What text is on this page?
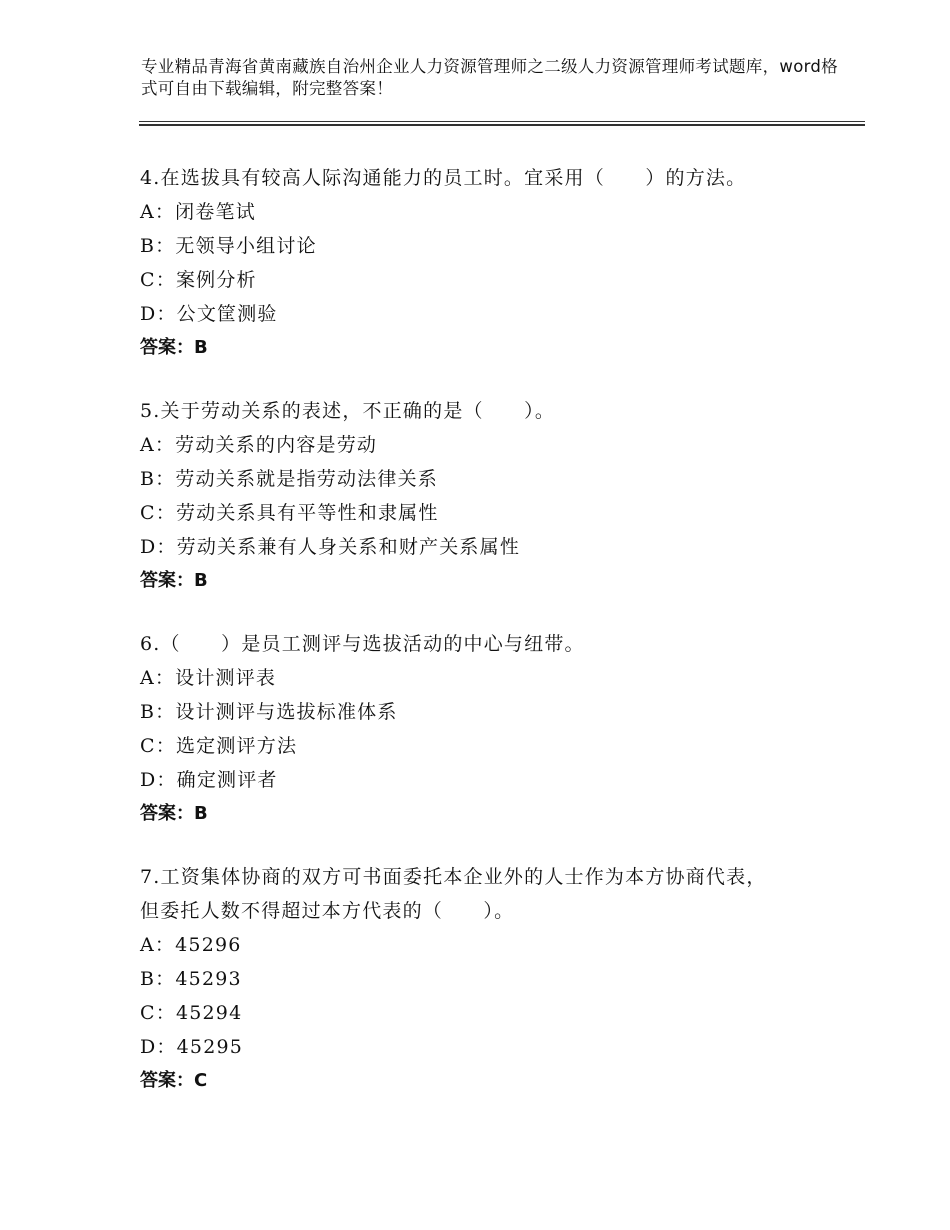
专业精品青海省黄南藏族自治州企业人力资源管理师之二级人力资源管理师考试题库，word格式可自由下载编辑，附完整答案！

4.在选拔具有较高人际沟通能力的员工时。宜采用（　　）的方法。

A：闭卷笔试

B：无领导小组讨论

C：案例分析

D：公文筐测验

答案：B

5.关于劳动关系的表述，不正确的是（　　）。

A：劳动关系的内容是劳动

B：劳动关系就是指劳动法律关系

C：劳动关系具有平等性和隶属性

D：劳动关系兼有人身关系和财产关系属性

答案：B

6.（　　）是员工测评与选拔活动的中心与纽带。

A：设计测评表

B：设计测评与选拔标准体系

C：选定测评方法

D：确定测评者

答案：B

7.工资集体协商的双方可书面委托本企业外的人士作为本方协商代表，但委托人数不得超过本方代表的（　　）。

A：45296

B：45293

C：45294

D：45295

答案：C
